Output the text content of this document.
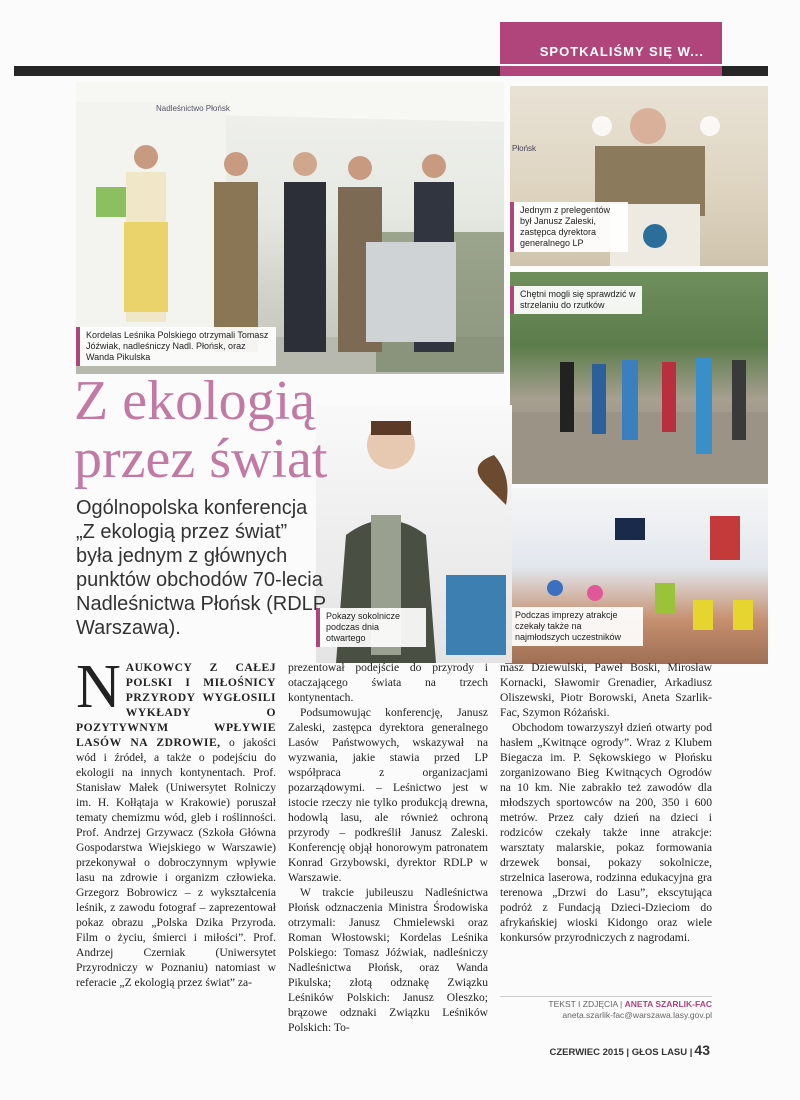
SPOTKALIŚMY SIĘ W...
Nadleśnictwo Płońsk
Kordelas Leśnika Polskiego otrzymali Tomasz Jóźwiak, nadleśniczy Nadl. Płońsk, oraz Wanda Pikulska
Płońsk
Jednym z prelegentów był Janusz Zaleski, zastępca dyrektora generalnego LP
Chętni mogli się sprawdzić w strzelaniu do rzutków
Podczas imprezy atrakcje czekały także na najmłodszych uczestników
Pokazy sokolnicze podczas dnia otwartego
Z ekologią
przez świat
Ogólnopolska konferencja „Z ekologią przez świat” była jednym z głównych punktów obchodów 70-lecia Nadleśnictwa Płońsk (RDLP Warszawa).

NAUKOWCY Z CAŁEJ POLSKI I MIŁOŚNICY PRZYRODY WYGŁOSILI WYKŁADY O POZYTYWNYM WPŁYWIE LASÓW NA ZDROWIE, o jakości wód i źródeł, a także o podejściu do ekologii na innych kontynentach. Prof. Stanisław Małek (Uniwersytet Rolniczy im. H. Kołłątaja w Krakowie) poruszał tematy chemizmu wód, gleb i roślinności. Prof. Andrzej Grzywacz (Szkoła Główna Gospodarstwa Wiejskiego w Warszawie) przekonywał o dobroczynnym wpływie lasu na zdrowie i organizm człowieka. Grzegorz Bobrowicz – z wykształcenia leśnik, z zawodu fotograf – zaprezentował pokaz obrazu „Polska Dzika Przyroda. Film o życiu, śmierci i miłości”. Prof. Andrzej Czerniak (Uniwersytet Przyrodniczy w Poznaniu) natomiast w referacie „Z ekologią przez świat” za-

prezentował podejście do przyrody i otaczającego świata na trzech kontynentach.

Podsumowując konferencję, Janusz Zaleski, zastępca dyrektora generalnego Lasów Państwowych, wskazywał na wyzwania, jakie stawia przed LP współpraca z organizacjami pozarządowymi. – Leśnictwo jest w istocie rzeczy nie tylko produkcją drewna, hodowlą lasu, ale również ochroną przyrody – podkreślił Janusz Zaleski. Konferencję objął honorowym patronatem Konrad Grzybowski, dyrektor RDLP w Warszawie.

W trakcie jubileuszu Nadleśnictwa Płońsk odznaczenia Ministra Środowiska otrzymali: Janusz Chmielewski oraz Roman Włostowski; Kordelas Leśnika Polskiego: Tomasz Jóźwiak, nadleśniczy Nadleśnictwa Płońsk, oraz Wanda Pikulska; złotą odznakę Związku Leśników Polskich: Janusz Oleszko; brązowe odznaki Związku Leśników Polskich: To-

masz Dziewulski, Paweł Boski, Mirosław Kornacki, Sławomir Grenadier, Arkadiusz Oliszewski, Piotr Borowski, Aneta Szarlik-Fac, Szymon Różański.

Obchodom towarzyszył dzień otwarty pod hasłem „Kwitnące ogrody”. Wraz z Klubem Biegacza im. P. Sękowskiego w Płońsku zorganizowano Bieg Kwitnących Ogrodów na 10 km. Nie zabrakło też zawodów dla młodszych sportowców na 200, 350 i 600 metrów. Przez cały dzień na dzieci i rodziców czekały także inne atrakcje: warsztaty malarskie, pokaz formowania drzewek bonsai, pokazy sokolnicze, strzelnica laserowa, rodzinna edukacyjna gra terenowa „Drzwi do Lasu”, ekscytująca podróż z Fundacją Dzieci-Dzieciom do afrykańskiej wioski Kidongo oraz wiele konkursów przyrodniczych z nagrodami.

TEKST I ZDJĘCIA | ANETA SZARLIK-FAC
aneta.szarlik-fac@warszawa.lasy.gov.pl
CZERWIEC 2015 | GŁOS LASU | 43
